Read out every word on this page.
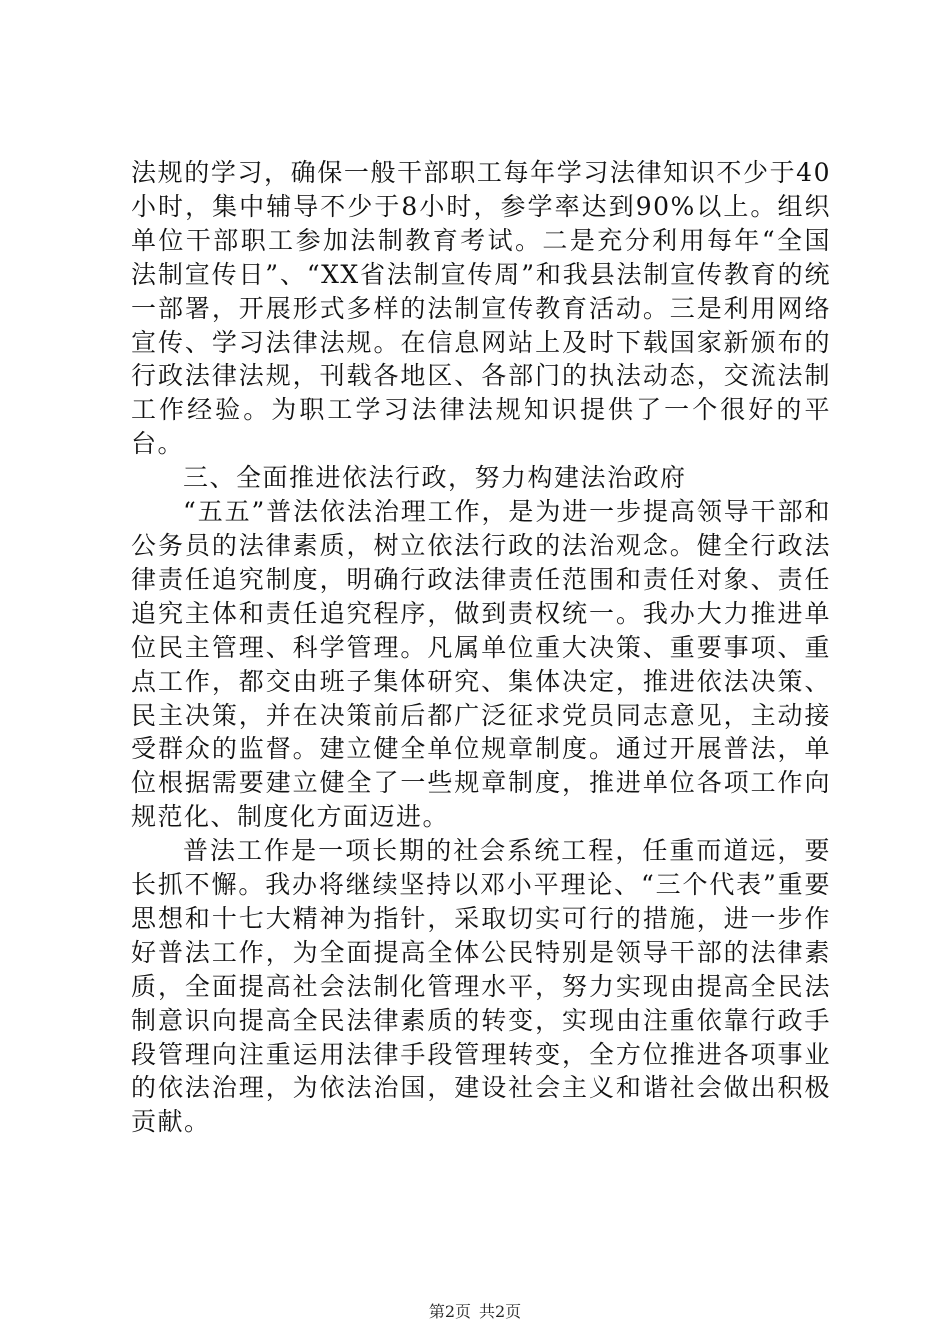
法规的学习，确保一般干部职工每年学习法律知识不少于40小时，集中辅导不少于8小时，参学率达到90%以上。组织单位干部职工参加法制教育考试。二是充分利用每年“全国法制宣传日”、“XX省法制宣传周”和我县法制宣传教育的统一部署，开展形式多样的法制宣传教育活动。三是利用网络宣传、学习法律法规。在信息网站上及时下载国家新颁布的行政法律法规，刊载各地区、各部门的执法动态，交流法制工作经验。为职工学习法律法规知识提供了一个很好的平台。

三、全面推进依法行政，努力构建法治政府

“五五”普法依法治理工作，是为进一步提高领导干部和公务员的法律素质，树立依法行政的法治观念。健全行政法律责任追究制度，明确行政法律责任范围和责任对象、责任追究主体和责任追究程序，做到责权统一。我办大力推进单位民主管理、科学管理。凡属单位重大决策、重要事项、重点工作，都交由班子集体研究、集体决定，推进依法决策、民主决策，并在决策前后都广泛征求党员同志意见，主动接受群众的监督。建立健全单位规章制度。通过开展普法，单位根据需要建立健全了一些规章制度，推进单位各项工作向规范化、制度化方面迈进。

普法工作是一项长期的社会系统工程，任重而道远，要长抓不懈。我办将继续坚持以邓小平理论、“三个代表”重要思想和十七大精神为指针，采取切实可行的措施，进一步作好普法工作，为全面提高全体公民特别是领导干部的法律素质，全面提高社会法制化管理水平，努力实现由提高全民法制意识向提高全民法律素质的转变，实现由注重依靠行政手段管理向注重运用法律手段管理转变，全方位推进各项事业的依法治理，为依法治国，建设社会主义和谐社会做出积极贡献。

第2页 共2页
